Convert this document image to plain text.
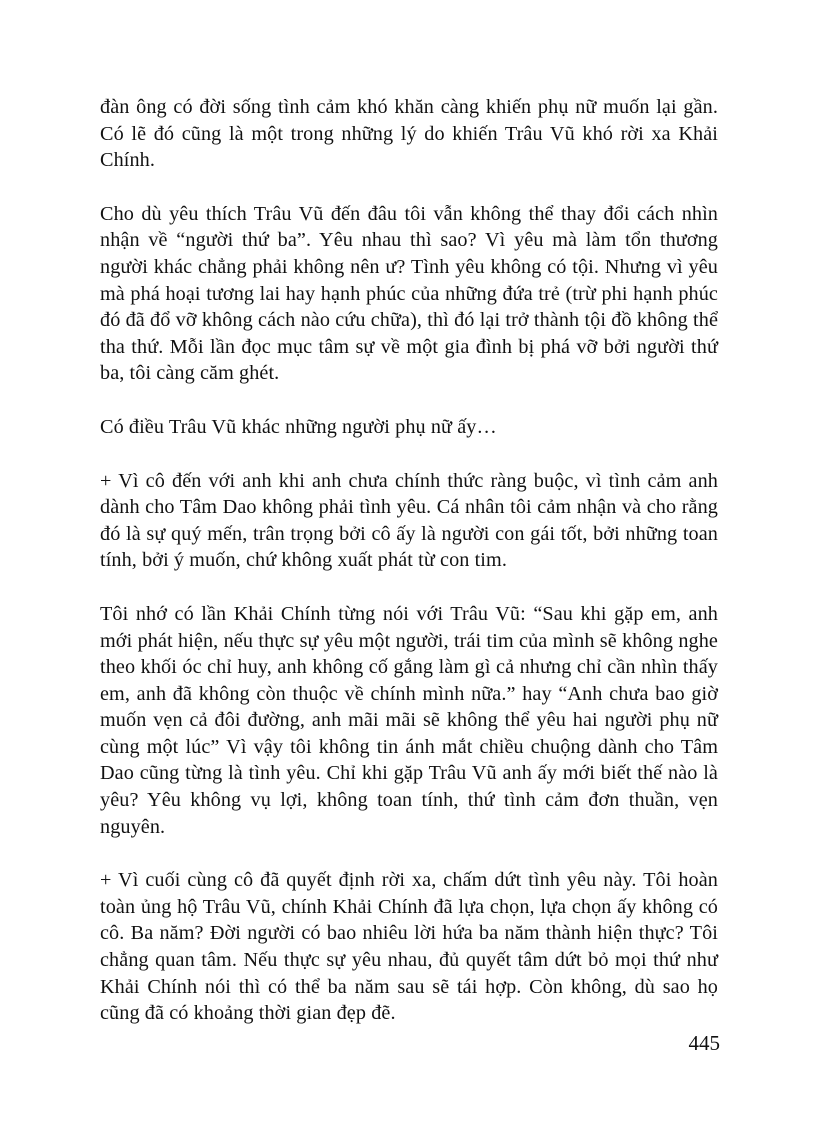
đàn ông có đời sống tình cảm khó khăn càng khiến phụ nữ muốn lại gần. Có lẽ đó cũng là một trong những lý do khiến Trâu Vũ khó rời xa Khải Chính.

Cho dù yêu thích Trâu Vũ đến đâu tôi vẫn không thể thay đổi cách nhìn nhận về “người thứ ba”. Yêu nhau thì sao? Vì yêu mà làm tổn thương người khác chẳng phải không nên ư? Tình yêu không có tội. Nhưng vì yêu mà phá hoại tương lai hay hạnh phúc của những đứa trẻ (trừ phi hạnh phúc đó đã đổ vỡ không cách nào cứu chữa), thì đó lại trở thành tội đồ không thể tha thứ. Mỗi lần đọc mục tâm sự về một gia đình bị phá vỡ bởi người thứ ba, tôi càng căm ghét.

Có điều Trâu Vũ khác những người phụ nữ ấy…

+ Vì cô đến với anh khi anh chưa chính thức ràng buộc, vì tình cảm anh dành cho Tâm Dao không phải tình yêu. Cá nhân tôi cảm nhận và cho rằng đó là sự quý mến, trân trọng bởi cô ấy là người con gái tốt, bởi những toan tính, bởi ý muốn, chứ không xuất phát từ con tim.

Tôi nhớ có lần Khải Chính từng nói với Trâu Vũ: “Sau khi gặp em, anh mới phát hiện, nếu thực sự yêu một người, trái tim của mình sẽ không nghe theo khối óc chỉ huy, anh không cố gắng làm gì cả nhưng chỉ cần nhìn thấy em, anh đã không còn thuộc về chính mình nữa.” hay “Anh chưa bao giờ muốn vẹn cả đôi đường, anh mãi mãi sẽ không thể yêu hai người phụ nữ cùng một lúc” Vì vậy tôi không tin ánh mắt chiều chuộng dành cho Tâm Dao cũng từng là tình yêu. Chỉ khi gặp Trâu Vũ anh ấy mới biết thế nào là yêu? Yêu không vụ lợi, không toan tính, thứ tình cảm đơn thuần, vẹn nguyên.

+ Vì cuối cùng cô đã quyết định rời xa, chấm dứt tình yêu này. Tôi hoàn toàn ủng hộ Trâu Vũ, chính Khải Chính đã lựa chọn, lựa chọn ấy không có cô. Ba năm? Đời người có bao nhiêu lời hứa ba năm thành hiện thực? Tôi chẳng quan tâm. Nếu thực sự yêu nhau, đủ quyết tâm dứt bỏ mọi thứ như Khải Chính nói thì có thể ba năm sau sẽ tái hợp. Còn không, dù sao họ cũng đã có khoảng thời gian đẹp đẽ.

445
